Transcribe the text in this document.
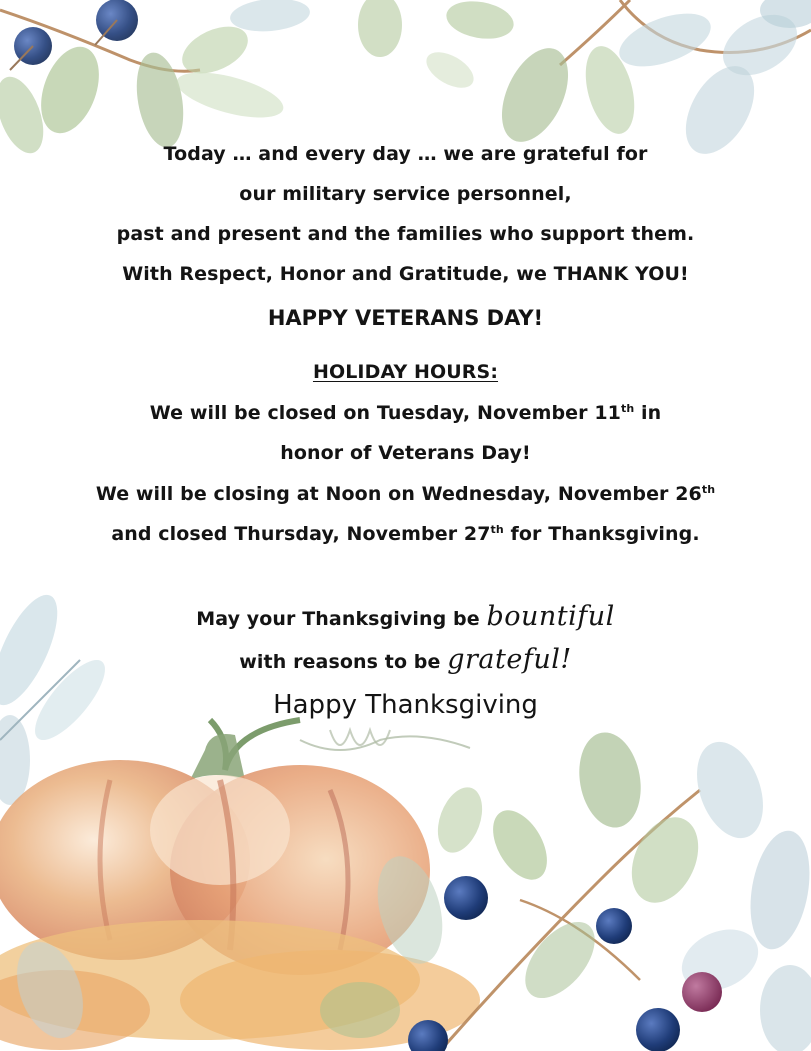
Today … and every day … we are grateful for
our military service personnel,
past and present and the families who support them.
With Respect, Honor and Gratitude, we THANK YOU!
HAPPY VETERANS DAY!
HOLIDAY HOURS:
We will be closed on Tuesday, November 11th in
honor of Veterans Day!
We will be closing at Noon on Wednesday, November 26th
and closed Thursday, November 27th for Thanksgiving.
May your Thanksgiving be bountiful
with reasons to be grateful!
Happy Thanksgiving
